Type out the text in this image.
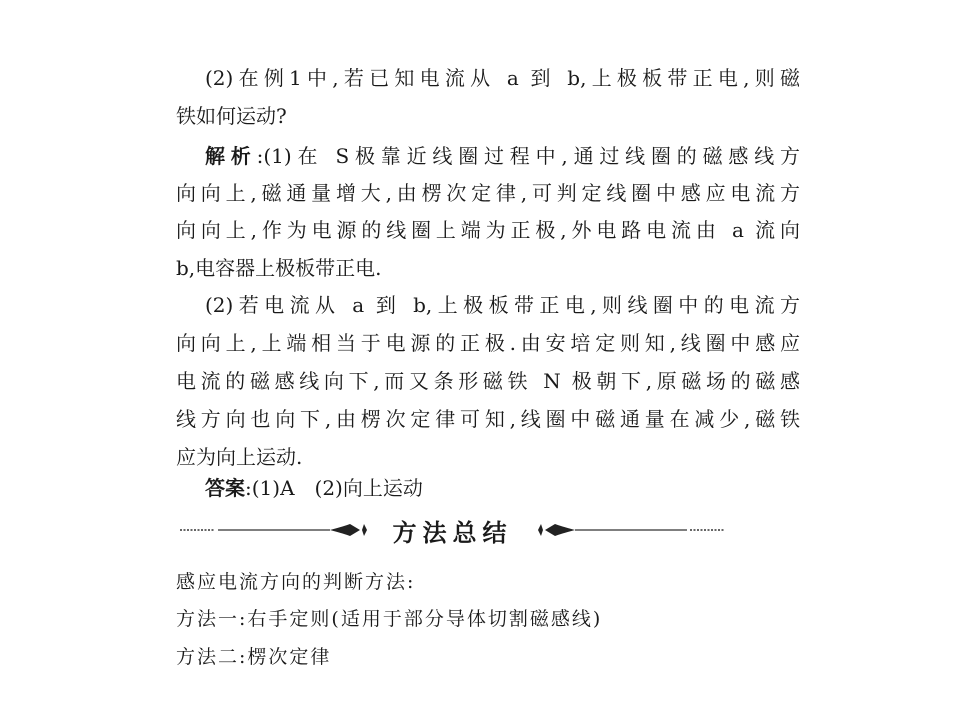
(2)在例1中,若已知电流从 a 到 b,上极板带正电,则磁
铁如何运动?
解析:(1)在 S极靠近线圈过程中,通过线圈的磁感线方
向向上,磁通量增大,由楞次定律,可判定线圈中感应电流方
向向上,作为电源的线圈上端为正极,外电路电流由 a 流向
b,电容器上极板带正电.
(2)若电流从 a 到 b,上极板带正电,则线圈中的电流方
向向上,上端相当于电源的正极.由安培定则知,线圈中感应
电流的磁感线向下,而又条形磁铁 N 极朝下,原磁场的磁感
线方向也向下,由楞次定律可知,线圈中磁通量在减少,磁铁
应为向上运动.
答案:(1)A　(2)向上运动
方法总结
感应电流方向的判断方法:
方法一:右手定则(适用于部分导体切割磁感线)
方法二:楞次定律
